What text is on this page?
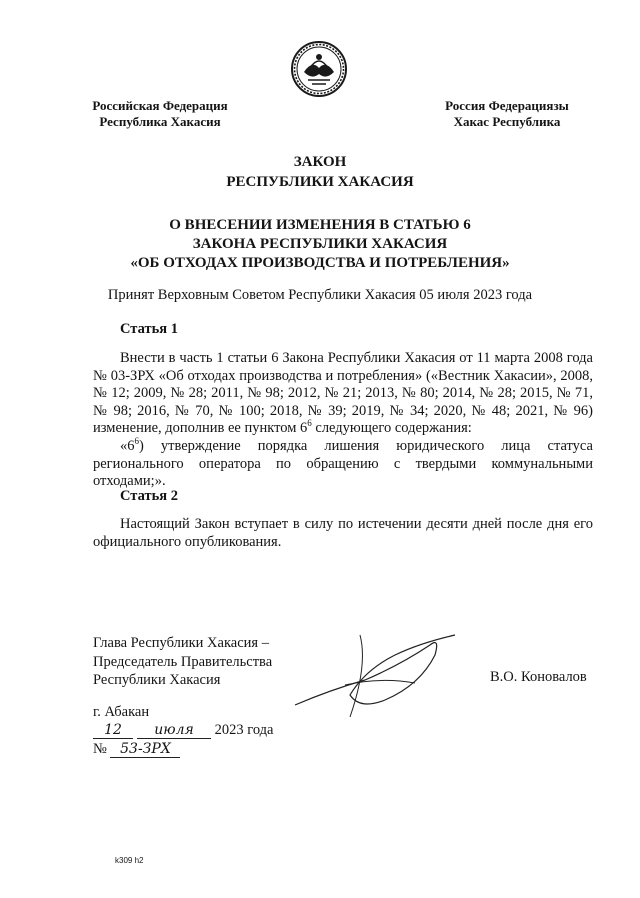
Российская Федерация
Республика Хакасия
Россия Федерациязы
Хакас Республика
ЗАКОН
РЕСПУБЛИКИ ХАКАСИЯ
О ВНЕСЕНИИ ИЗМЕНЕНИЯ В СТАТЬЮ 6
ЗАКОНА РЕСПУБЛИКИ ХАКАСИЯ
«ОБ ОТХОДАХ ПРОИЗВОДСТВА И ПОТРЕБЛЕНИЯ»
Принят Верховным Советом Республики Хакасия 05 июля 2023 года
Статья 1
Внести в часть 1 статьи 6 Закона Республики Хакасия от 11 марта 2008 года № 03-ЗРХ «Об отходах производства и потребления» («Вестник Хакасии», 2008, № 12; 2009, № 28; 2011, № 98; 2012, № 21; 2013, № 80; 2014, № 28; 2015, № 71, № 98; 2016, № 70, № 100; 2018, № 39; 2019, № 34; 2020, № 48; 2021, № 96) изменение, дополнив ее пунктом $6^6$ следующего содержания:
«$6^6$) утверждение порядка лишения юридического лица статуса регионального оператора по обращению с твердыми коммунальными отходами;».
Статья 2
Настоящий Закон вступает в силу по истечении десяти дней после дня его официального опубликования.
Глава Республики Хакасия –
Председатель Правительства
Республики Хакасия	В.О. Коновалов
г. Абакан
12 июля 2023 года
№ 53-ЗРХ
k309 h2
